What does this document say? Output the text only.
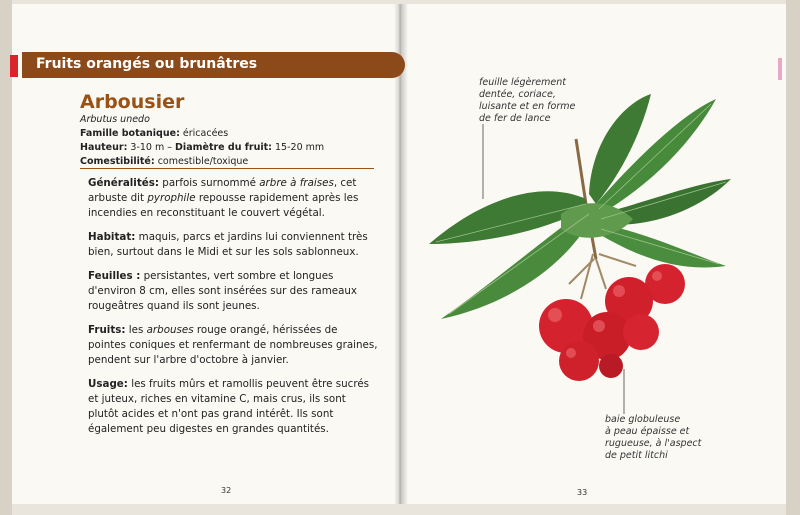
Fruits orangés ou brunâtres
Arbousier
Arbutus unedo
Famille botanique: éricacées
Hauteur: 3-10 m – Diamètre du fruit: 15-20 mm
Comestibilité: comestible/toxique

Généralités: parfois surnommé arbre à fraises, cet arbuste dit pyrophile repousse rapidement après les incendies en reconstituant le couvert végétal.

Habitat: maquis, parcs et jardins lui conviennent très bien, surtout dans le Midi et sur les sols sablonneux.

Feuilles : persistantes, vert sombre et longues d'environ 8 cm, elles sont insérées sur des rameaux rougeâtres quand ils sont jeunes.

Fruits: les arbouses rouge orangé, hérissées de pointes coniques et renfermant de nombreuses graines, pendent sur l'arbre d'octobre à janvier.

Usage: les fruits mûrs et ramollis peuvent être sucrés et juteux, riches en vitamine C, mais crus, ils sont plutôt acides et n'ont pas grand intérêt. Ils sont également peu digestes en grandes quantités.

32	33
feuille légèrement
dentée, coriace,
luisante et en forme
de fer de lance
baie globuleuse
à peau épaisse et
rugueuse, à l'aspect
de petit litchi
